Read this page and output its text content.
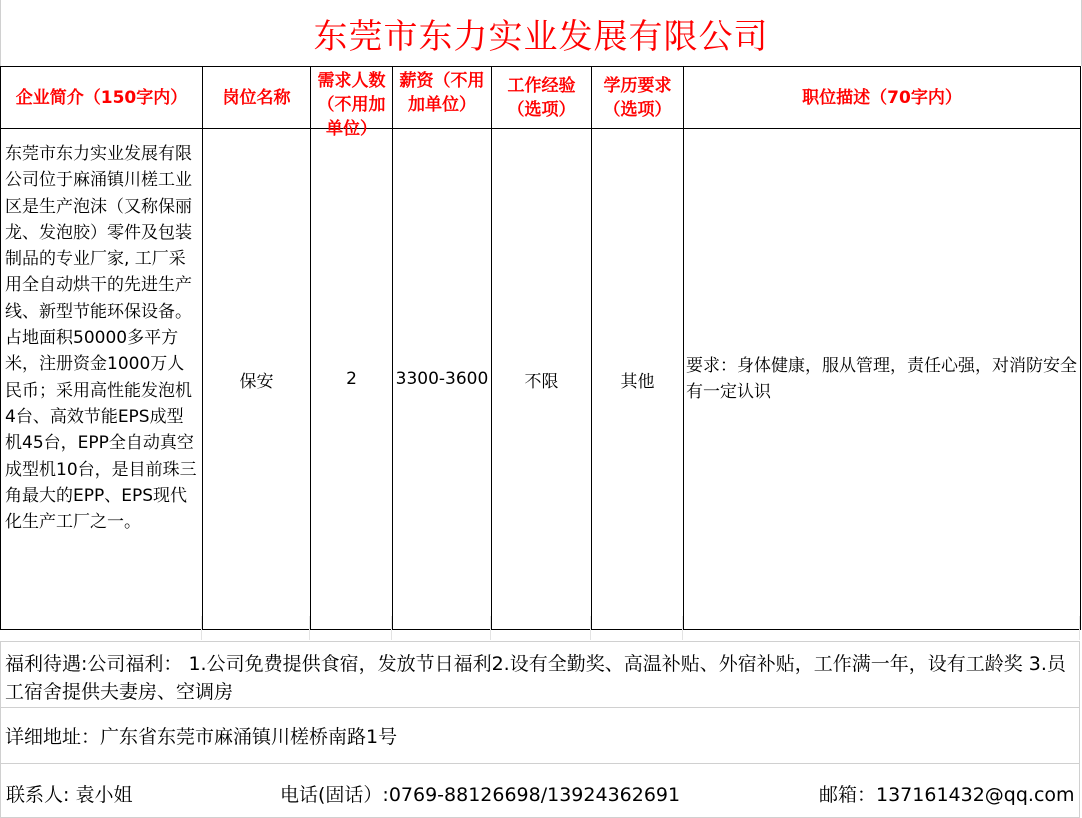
东莞市东力实业发展有限公司
企业简介（150字内）	岗位名称	需求人数（不用加单位）	薪资（不用加单位）	工作经验（选项）	学历要求（选项）	职位描述（70字内）

东莞市东力实业发展有限公司位于麻涌镇川槎工业区是生产泡沫（又称保丽龙、发泡胶）零件及包装制品的专业厂家, 工厂采用全自动烘干的先进生产线、新型节能环保设备。占地面积50000多平方米，注册资金1000万人民币；采用高性能发泡机4台、高效节能EPS成型机45台，EPP全自动真空成型机10台，是目前珠三角最大的EPP、EPS现代化生产工厂之一。	保安	2	3300-3600	不限	其他	要求：身体健康，服从管理，责任心强，对消防安全有一定认识
福利待遇:公司福利： 1.公司免费提供食宿，发放节日福利2.设有全勤奖、高温补贴、外宿补贴，工作满一年，设有工龄奖 3.员工宿舍提供夫妻房、空调房
详细地址：广东省东莞市麻涌镇川槎桥南路1号
联系人: 袁小姐	电话(固话）:0769-88126698/13924362691	邮箱：137161432@qq.com
